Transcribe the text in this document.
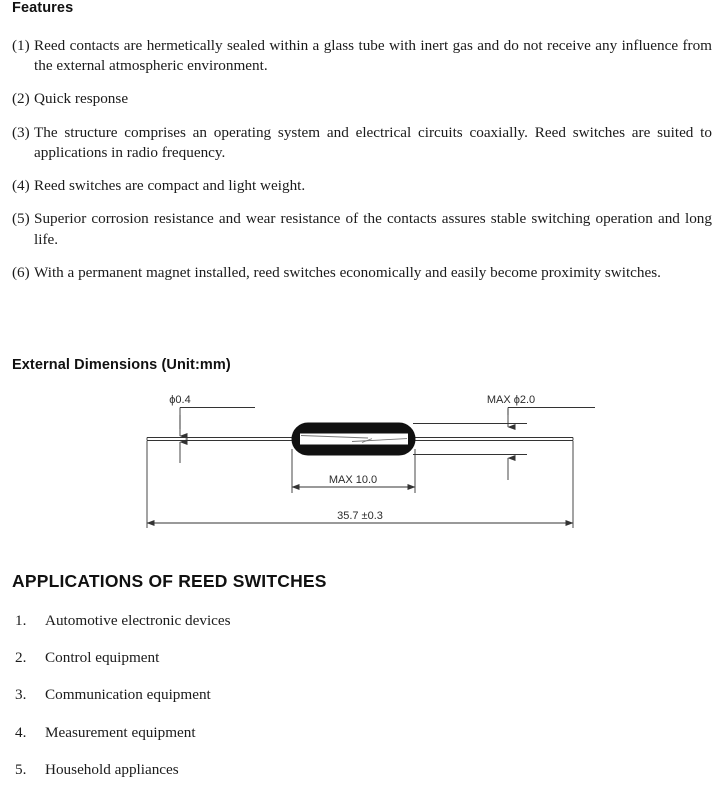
Features
(1) Reed contacts are hermetically sealed within a glass tube with inert gas and do not receive any influence from the external atmospheric environment.
(2) Quick response
(3) The structure comprises an operating system and electrical circuits coaxially. Reed switches are suited to applications in radio frequency.
(4) Reed switches are compact and light weight.
(5) Superior corrosion resistance and wear resistance of the contacts assures stable switching operation and long life.
(6) With a permanent magnet installed, reed switches economically and easily become proximity switches.
External Dimensions (Unit:mm)
ϕ0.4	MAX ϕ2.0
MAX 10.0
35.7 ±0.3
APPLICATIONS OF REED SWITCHES
1.	Automotive electronic devices
2.	Control equipment
3.	Communication equipment
4.	Measurement equipment
5.	Household appliances
